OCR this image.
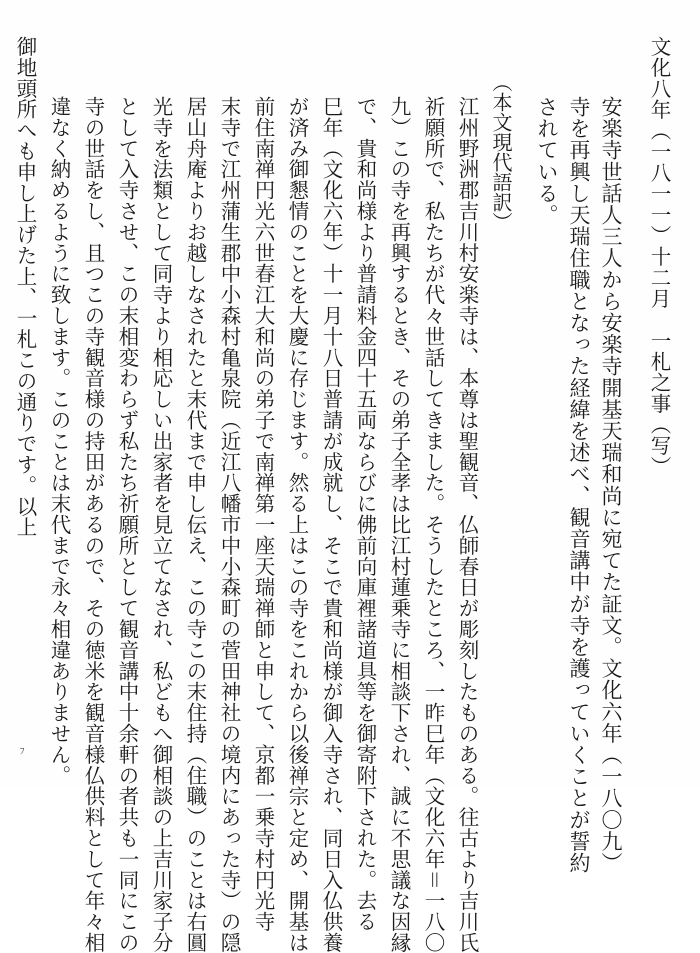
文化八年（一八一一）十二月　一札之事（写）
安楽寺世話人三人から安楽寺開基天瑞和尚に宛てた証文。文化六年（一八〇九）
寺を再興し天瑞住職となった経緯を述べ、観音講中が寺を護っていくことが誓約
されている。
（本文現代語訳）
江州野洲郡吉川村安楽寺は、本尊は聖観音、仏師春日が彫刻したものある。往古より吉川氏
祈願所で、私たちが代々世話してきました。そうしたところ、一昨巳年（文化六年＝一八〇
九）この寺を再興するとき、その弟子全孝は比江村蓮乗寺に相談下され、誠に不思議な因縁
で、貴和尚様より普請料金四十五両ならびに佛前向庫裡諸道具等を御寄附下された。去る
巳年（文化六年）十一月十八日普請が成就し、そこで貴和尚様が御入寺され、同日入仏供養
が済み御懇情のことを大慶に存じます。然る上はこの寺をこれから以後禅宗と定め、開基は
前住南禅円光六世春江大和尚の弟子で南禅第一座天瑞禅師と申して、京都一乗寺村円光寺
末寺で江州蒲生郡中小森村亀泉院（近江八幡市中小森町の菅田神社の境内にあった寺）の隠
居山舟庵よりお越しなされたと末代まで申し伝え、この寺この末住持（住職）のことは右圓
光寺を法類として同寺より相応しい出家者を見立てなされ、私どもへ御相談の上吉川家子分
として入寺させ、この末相変わらず私たち祈願所として観音講中十余軒の者共も一同にこの
寺の世話をし、且つこの寺観音様の持田があるので、その徳米を観音様仏供料として年々相
違なく納めるように致します。このことは末代まで永々相違ありません。
御地頭所へも申し上げた上、一札この通りです。以上
ﾌ
